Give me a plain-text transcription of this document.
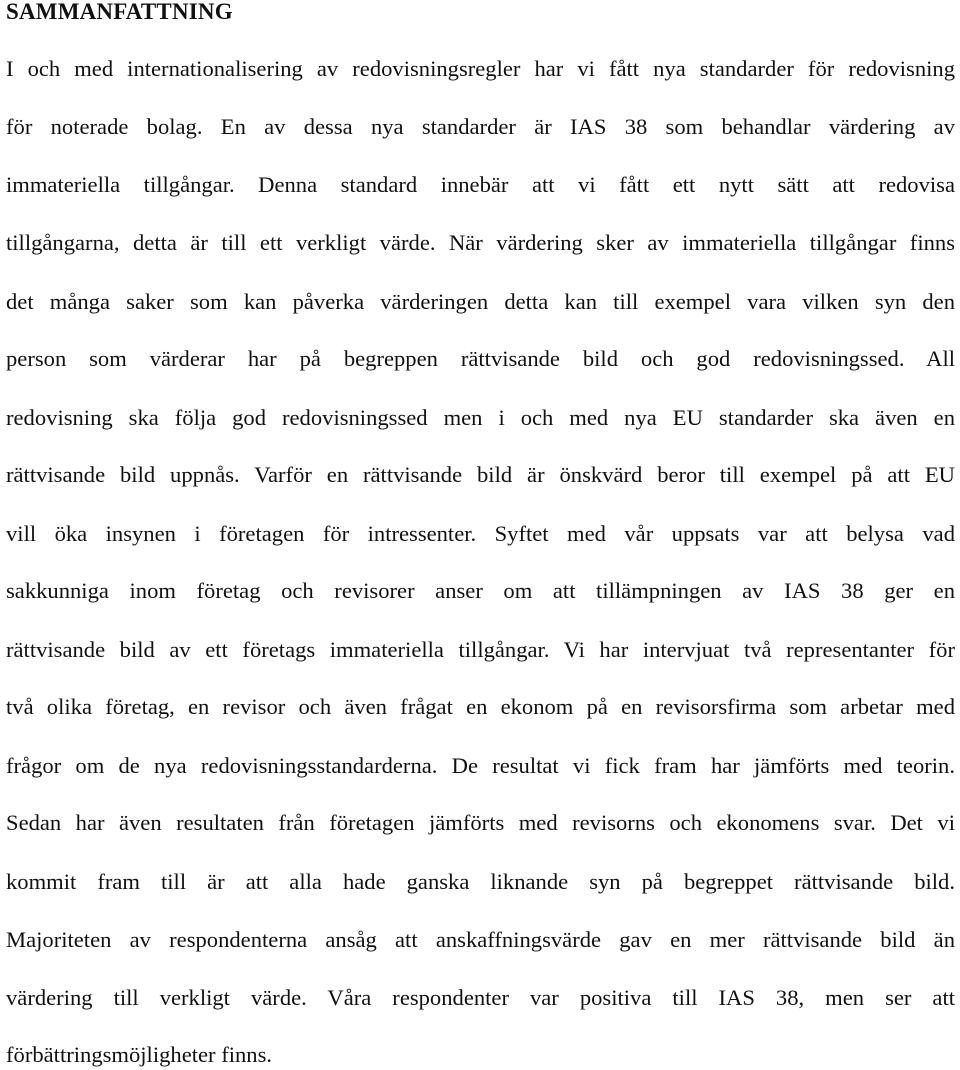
SAMMANFATTNING
I och med internationalisering av redovisningsregler har vi fått nya standarder för redovisning
för noterade bolag. En av dessa nya standarder är IAS 38 som behandlar värdering av
immateriella tillgångar. Denna standard innebär att vi fått ett nytt sätt att redovisa
tillgångarna, detta är till ett verkligt värde. När värdering sker av immateriella tillgångar finns
det många saker som kan påverka värderingen detta kan till exempel vara vilken syn den
person som värderar har på begreppen rättvisande bild och god redovisningssed. All
redovisning ska följa god redovisningssed men i och med nya EU standarder ska även en
rättvisande bild uppnås. Varför en rättvisande bild är önskvärd beror till exempel på att EU
vill öka insynen i företagen för intressenter. Syftet med vår uppsats var att belysa vad
sakkunniga inom företag och revisorer anser om att tillämpningen av IAS 38 ger en
rättvisande bild av ett företags immateriella tillgångar. Vi har intervjuat två representanter för
två olika företag, en revisor och även frågat en ekonom på en revisorsfirma som arbetar med
frågor om de nya redovisningsstandarderna. De resultat vi fick fram har jämförts med teorin.
Sedan har även resultaten från företagen jämförts med revisorns och ekonomens svar. Det vi
kommit fram till är att alla hade ganska liknande syn på begreppet rättvisande bild.
Majoriteten av respondenterna ansåg att anskaffningsvärde gav en mer rättvisande bild än
värdering till verkligt värde. Våra respondenter var positiva till IAS 38, men ser att
förbättringsmöjligheter finns.
